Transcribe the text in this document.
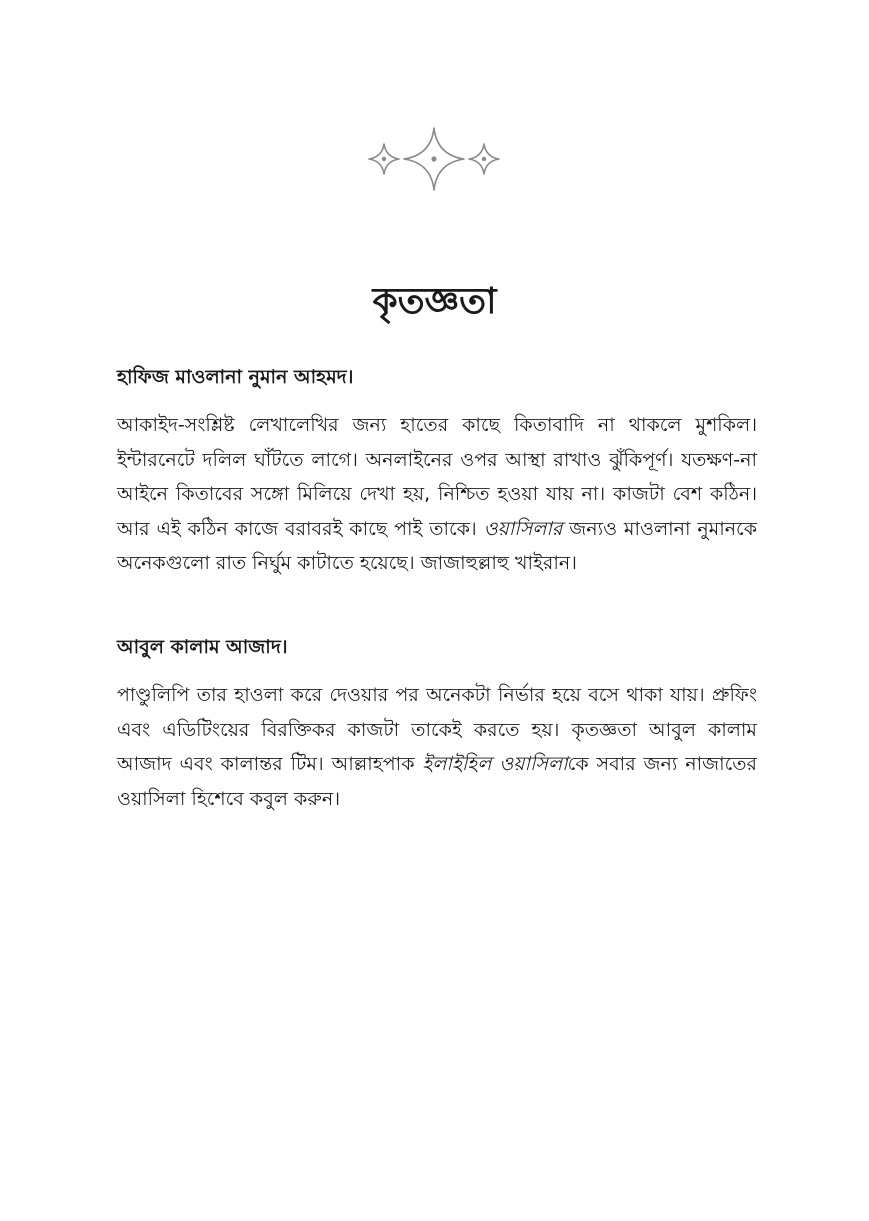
কৃতজ্ঞতা
হাফিজ মাওলানা নুমান আহমদ।

আকাইদ-সংশ্লিষ্ট লেখালেখির জন্য হাতের কাছে কিতাবাদি না থাকলে মুশকিল। ইন্টারনেটে দলিল ঘাঁটতে লাগে। অনলাইনের ওপর আস্থা রাখাও ঝুঁকিপূর্ণ। যতক্ষণ-না আইনে কিতাবের সঙ্গো মিলিয়ে দেখা হয়, নিশ্চিত হওয়া যায় না। কাজটা বেশ কঠিন। আর এই কঠিন কাজে বরাবরই কাছে পাই তাকে। ওয়াসিলার জন্যও মাওলানা নুমানকে অনেকগুলো রাত নির্ঘুম কাটাতে হয়েছে। জাজাহুল্লাহু খাইরান।

আবুল কালাম আজাদ।

পাণ্ডুলিপি তার হাওলা করে দেওয়ার পর অনেকটা নির্ভার হয়ে বসে থাকা যায়। প্রুফিং এবং এডিটিংয়ের বিরক্তিকর কাজটা তাকেই করতে হয়। কৃতজ্ঞতা আবুল কালাম আজাদ এবং কালান্তর টিম। আল্লাহপাক ইলাইহিল ওয়াসিলাকে সবার জন্য নাজাতের ওয়াসিলা হিশেবে কবুল করুন।
